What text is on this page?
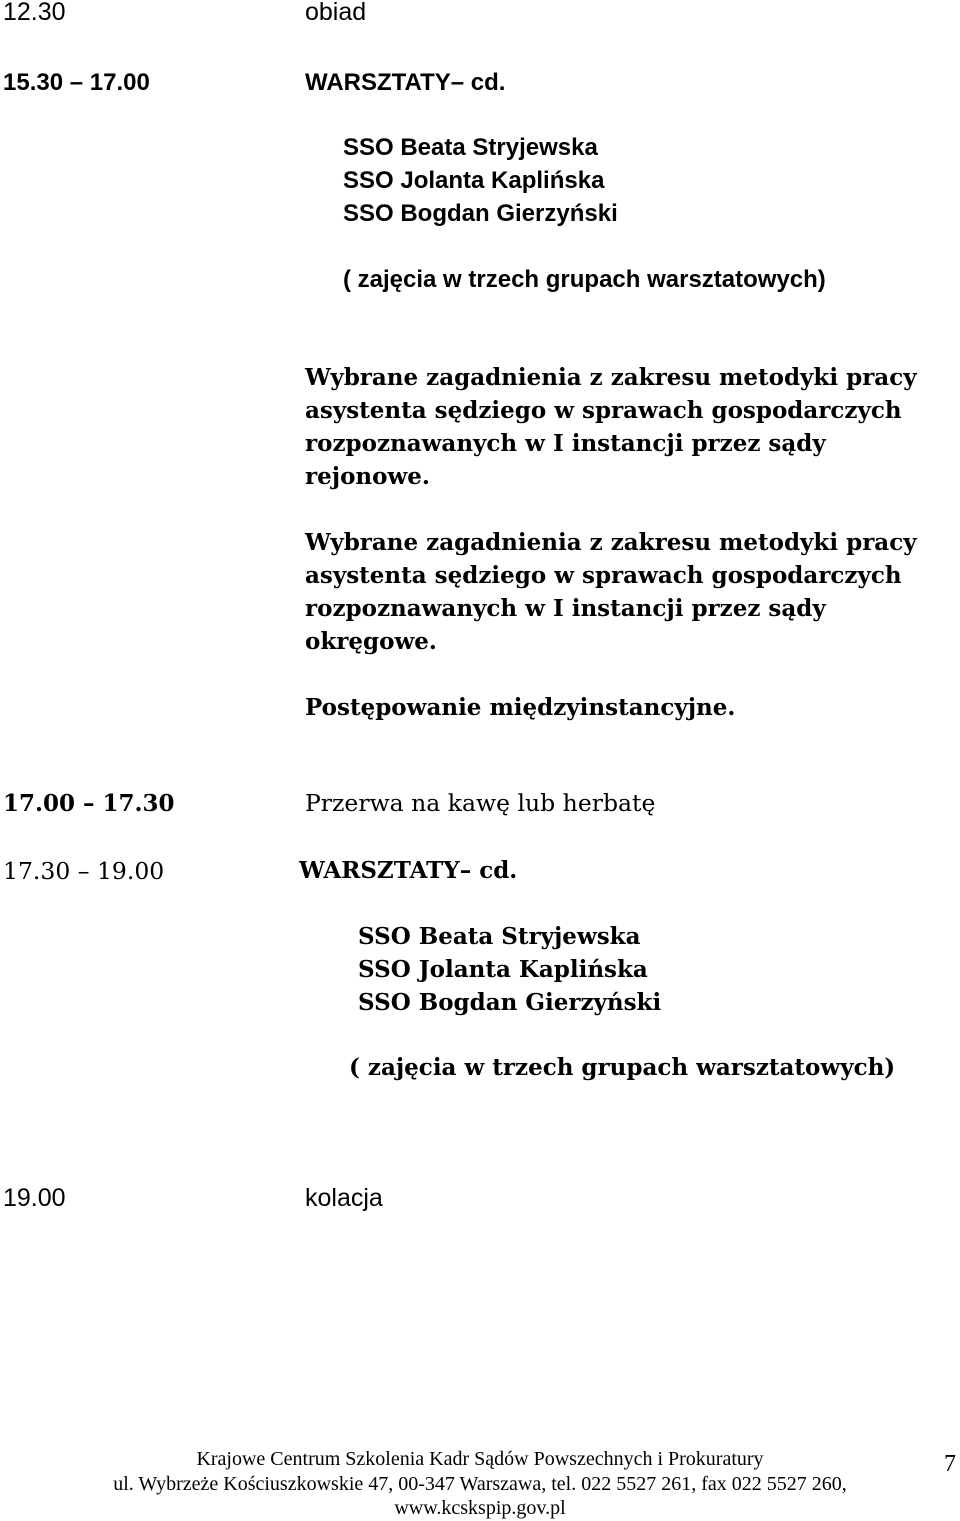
12.30	obiad
15.30 – 17.00	WARSZTATY– cd.
SSO Beata Stryjewska
SSO Jolanta Kaplińska
SSO Bogdan Gierzyński
( zajęcia w trzech grupach warsztatowych)
Wybrane zagadnienia z zakresu metodyki pracy
asystenta sędziego w sprawach gospodarczych
rozpoznawanych w I instancji przez sądy
rejonowe.
Wybrane zagadnienia z zakresu metodyki pracy
asystenta sędziego w sprawach gospodarczych
rozpoznawanych w I instancji przez sądy
okręgowe.
Postępowanie międzyinstancyjne.
17.00 – 17.30	Przerwa na kawę lub herbatę
17.30 – 19.00	WARSZTATY– cd.
SSO Beata Stryjewska
SSO Jolanta Kaplińska
SSO Bogdan Gierzyński
( zajęcia w trzech grupach warsztatowych)
19.00	kolacja
Krajowe Centrum Szkolenia Kadr Sądów Powszechnych i Prokuratury
ul. Wybrzeże Kościuszkowskie 47, 00-347 Warszawa, tel. 022 5527 261, fax 022 5527 260,
www.kcskspip.gov.pl
7
